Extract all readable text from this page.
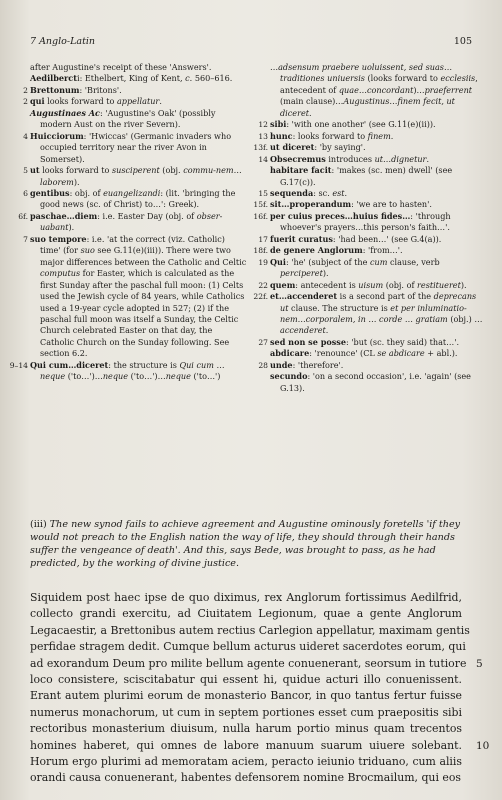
7 Anglo-Latin	105

after Augustine's receipt of these 'Answers'.

Aedilbercti: Ethelbert, King of Kent, c. 560–616.

2 Brettonum: 'Britons'.

2 qui looks forward to appellatur.

Augustinaes Ac: 'Augustine's Oak' (possibly modern Aust on the river Severn).

4 Huicciorum: 'Hwiccas' (Germanic invaders who occupied territory near the river Avon in Somerset).

5 ut looks forward to susciperent (obj. commu-nem…laborem).

6 gentibus: obj. of euangelizandi: (lit. 'bringing the good news (sc. of Christ) to…': Greek).

6f. paschae…diem: i.e. Easter Day (obj. of obser-uabant).

7 suo tempore: i.e. 'at the correct (viz. Catholic) time' (for suo see G.11(e)(iii)). There were two major differences between the Catholic and Celtic computus for Easter, which is calculated as the first Sunday after the paschal full moon: (1) Celts used the Jewish cycle of 84 years, while Catholics used a 19-year cycle adopted in 527; (2) if the paschal full moon was itself a Sunday, the Celtic Church celebrated Easter on that day, the Catholic Church on the Sunday following. See section 6.2.

9–14 Qui cum…diceret: the structure is Qui cum …neque ('to…')…neque ('to…')…neque ('to…')

…adsensum praebere uoluissent, sed suas… traditiones uniuersis (looks forward to ecclesiis, antecedent of quae…concordant)…praeferrent (main clause)…Augustinus…finem fecit, ut diceret.

12 sibi: 'with one another' (see G.11(e)(ii)).

13 hunc: looks forward to finem.

13f. ut diceret: 'by saying'.

14 Obsecremus introduces ut…dignetur.

habitare facit: 'makes (sc. men) dwell' (see G.17(c)).

15 sequenda: sc. est.

15f. sit…properandum: 'we are to hasten'.

16f. per cuius preces…huius fides…: 'through whoever's prayers…this person's faith…'.

17 fuerit curatus: 'had been…' (see G.4(a)).

18f. de genere Anglorum: 'from…'.

19 Qui: 'he' (subject of the cum clause, verb perciperet).

22 quem: antecedent is uisum (obj. of restitueret).

22f. et…accenderet is a second part of the deprecans ut clause. The structure is et per inluminatio-nem…corporalem, in … corde … gratiam (obj.) …accenderet.

27 sed non se posse: 'but (sc. they said) that…'.

abdicare: 'renounce' (CL se abdicare + abl.).

28 unde: 'therefore'.

secundo: 'on a second occasion', i.e. 'again' (see G.13).

(iii) The new synod fails to achieve agreement and Augustine ominously foretells 'if they would not preach to the English nation the way of life, they should through their hands suffer the vengeance of death'. And this, says Bede, was brought to pass, as he had predicted, by the working of divine justice.
Siquidem post haec ipse de quo diximus, rex Anglorum fortissimus Aedilfrid,
collecto grandi exercitu, ad Ciuitatem Legionum, quae a gente Anglorum
Legacaestir, a Brettonibus autem rectius Carlegion appellatur, maximam gentis
perfidae stragem dedit. Cumque bellum acturus uideret sacerdotes eorum, qui
ad exorandum Deum pro milite bellum agente conuenerant, seorsum in tutiore
loco consistere, sciscitabatur qui essent hi, quidue acturi illo conuenissent.
Erant autem plurimi eorum de monasterio Bancor, in quo tantus fertur fuisse
numerus monachorum, ut cum in septem portiones esset cum praepositis sibi
rectoribus monasterium diuisum, nulla harum portio minus quam trecentos
homines haberet, qui omnes de labore manuum suarum uiuere solebant.
Horum ergo plurimi ad memoratam aciem, peracto ieiunio triduano, cum aliis
orandi causa conuenerant, habentes defensorem nomine Brocmailum, qui eos
5
10
